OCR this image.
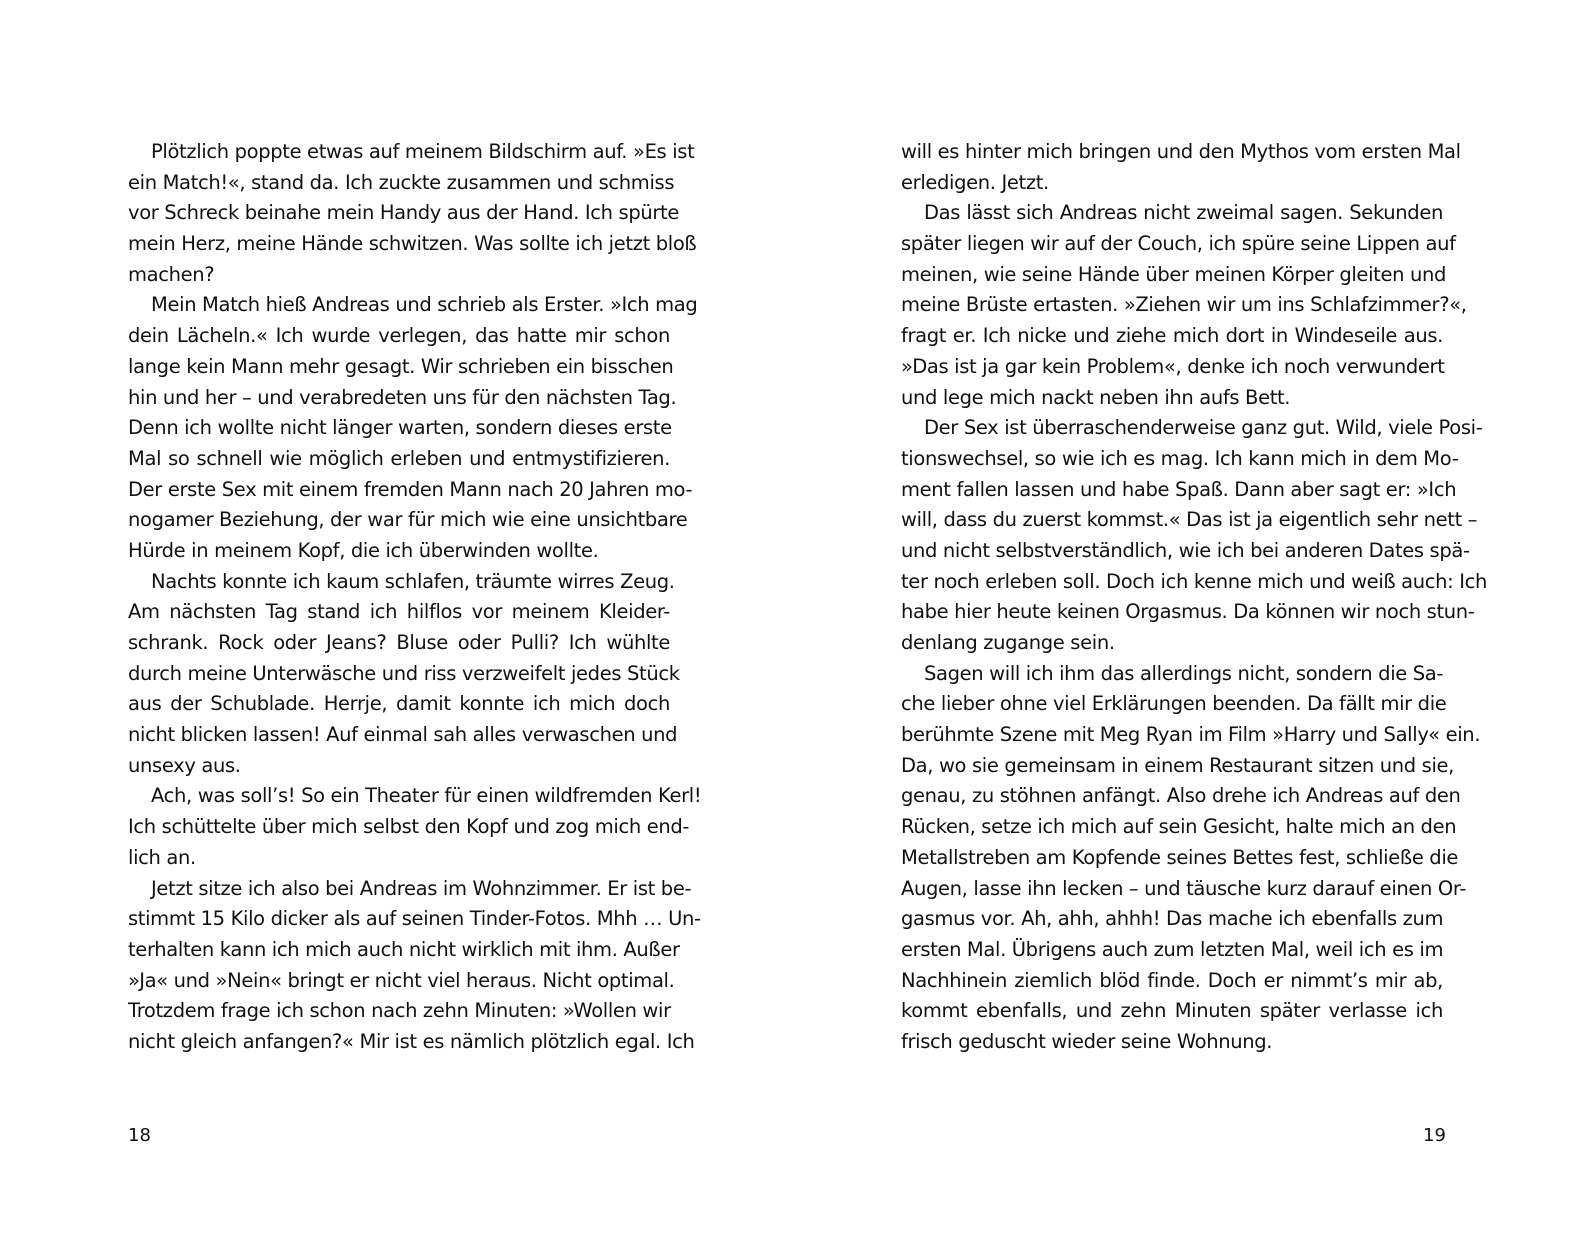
Plötzlich poppte etwas auf meinem Bildschirm auf. »Es ist
ein Match!«, stand da. Ich zuckte zusammen und schmiss
vor Schreck beinahe mein Handy aus der Hand. Ich spürte
mein Herz, meine Hände schwitzen. Was sollte ich jetzt bloß
machen?
Mein Match hieß Andreas und schrieb als Erster. »Ich mag
dein Lächeln.« Ich wurde verlegen, das hatte mir schon
lange kein Mann mehr gesagt. Wir schrieben ein bisschen
hin und her – und verabredeten uns für den nächsten Tag.
Denn ich wollte nicht länger warten, sondern dieses erste
Mal so schnell wie möglich erleben und entmystifizieren.
Der erste Sex mit einem fremden Mann nach 20 Jahren mo-
nogamer Beziehung, der war für mich wie eine unsichtbare
Hürde in meinem Kopf, die ich überwinden wollte.
Nachts konnte ich kaum schlafen, träumte wirres Zeug.
Am nächsten Tag stand ich hilflos vor meinem Kleider-
schrank. Rock oder Jeans? Bluse oder Pulli? Ich wühlte
durch meine Unterwäsche und riss verzweifelt jedes Stück
aus der Schublade. Herrje, damit konnte ich mich doch
nicht blicken lassen! Auf einmal sah alles verwaschen und
unsexy aus.
Ach, was soll’s! So ein Theater für einen wildfremden Kerl!
Ich schüttelte über mich selbst den Kopf und zog mich end-
lich an.
Jetzt sitze ich also bei Andreas im Wohnzimmer. Er ist be-
stimmt 15 Kilo dicker als auf seinen Tinder-Fotos. Mhh … Un-
terhalten kann ich mich auch nicht wirklich mit ihm. Außer
»Ja« und »Nein« bringt er nicht viel heraus. Nicht optimal.
Trotzdem frage ich schon nach zehn Minuten: »Wollen wir
nicht gleich anfangen?« Mir ist es nämlich plötzlich egal. Ich
18
will es hinter mich bringen und den Mythos vom ersten Mal
erledigen. Jetzt.
Das lässt sich Andreas nicht zweimal sagen. Sekunden
später liegen wir auf der Couch, ich spüre seine Lippen auf
meinen, wie seine Hände über meinen Körper gleiten und
meine Brüste ertasten. »Ziehen wir um ins Schlafzimmer?«,
fragt er. Ich nicke und ziehe mich dort in Windeseile aus.
»Das ist ja gar kein Problem«, denke ich noch verwundert
und lege mich nackt neben ihn aufs Bett.
Der Sex ist überraschenderweise ganz gut. Wild, viele Posi-
tionswechsel, so wie ich es mag. Ich kann mich in dem Mo-
ment fallen lassen und habe Spaß. Dann aber sagt er: »Ich
will, dass du zuerst kommst.« Das ist ja eigentlich sehr nett –
und nicht selbstverständlich, wie ich bei anderen Dates spä-
ter noch erleben soll. Doch ich kenne mich und weiß auch: Ich
habe hier heute keinen Orgasmus. Da können wir noch stun-
denlang zugange sein.
Sagen will ich ihm das allerdings nicht, sondern die Sa-
che lieber ohne viel Erklärungen beenden. Da fällt mir die
berühmte Szene mit Meg Ryan im Film »Harry und Sally« ein.
Da, wo sie gemeinsam in einem Restaurant sitzen und sie,
genau, zu stöhnen anfängt. Also drehe ich Andreas auf den
Rücken, setze ich mich auf sein Gesicht, halte mich an den
Metallstreben am Kopfende seines Bettes fest, schließe die
Augen, lasse ihn lecken – und täusche kurz darauf einen Or-
gasmus vor. Ah, ahh, ahhh! Das mache ich ebenfalls zum
ersten Mal. Übrigens auch zum letzten Mal, weil ich es im
Nachhinein ziemlich blöd finde. Doch er nimmt’s mir ab,
kommt ebenfalls, und zehn Minuten später verlasse ich
frisch geduscht wieder seine Wohnung.
19
